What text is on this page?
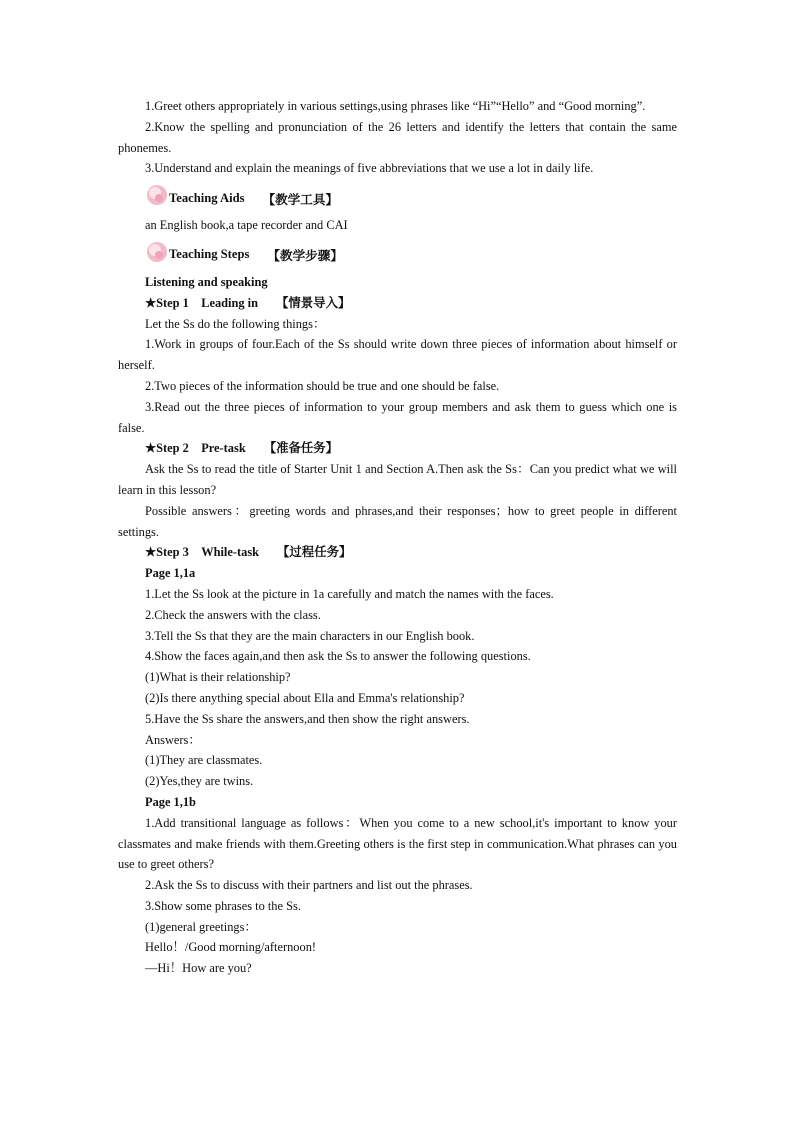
1.Greet others appropriately in various settings,using phrases like “Hi”“Hello” and “Good morning”.

2.Know the spelling and pronunciation of the 26 letters and identify the letters that contain the same phonemes.

3.Understand and explain the meanings of five abbreviations that we use a lot in daily life.

Teaching Aids 【教学工具】

an English book,a tape recorder and CAI

Teaching Steps 【教学步骤】

Listening and speaking

★Step 1　Leading in 【情景导入】

Let the Ss do the following things：

1.Work in groups of four.Each of the Ss should write down three pieces of information about himself or herself.

2.Two pieces of the information should be true and one should be false.

3.Read out the three pieces of information to your group members and ask them to guess which one is false.

★Step 2　Pre-task 【准备任务】

Ask the Ss to read the title of Starter Unit 1 and Section A.Then ask the Ss：Can you predict what we will learn in this lesson?

Possible answers：greeting words and phrases,and their responses；how to greet people in different settings.

★Step 3　While-task 【过程任务】

Page 1,1a

1.Let the Ss look at the picture in 1a carefully and match the names with the faces.

2.Check the answers with the class.

3.Tell the Ss that they are the main characters in our English book.

4.Show the faces again,and then ask the Ss to answer the following questions.

(1)What is their relationship?

(2)Is there anything special about Ella and Emma's relationship?

5.Have the Ss share the answers,and then show the right answers.

Answers：

(1)They are classmates.

(2)Yes,they are twins.

Page 1,1b

1.Add transitional language as follows：When you come to a new school,it's important to know your classmates and make friends with them.Greeting others is the first step in communication.What phrases can you use to greet others?

2.Ask the Ss to discuss with their partners and list out the phrases.

3.Show some phrases to the Ss.

(1)general greetings：

Hello！/Good morning/afternoon!

—Hi！How are you?
